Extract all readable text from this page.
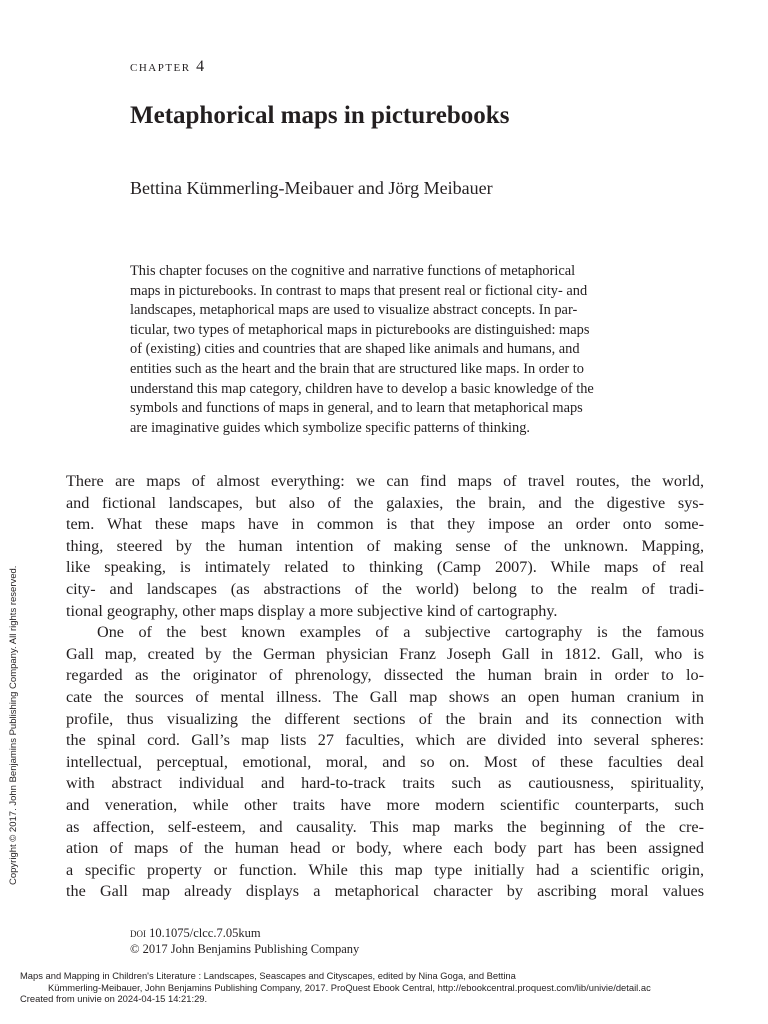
chapter 4
Metaphorical maps in picturebooks
Bettina Kümmerling-Meibauer and Jörg Meibauer
This chapter focuses on the cognitive and narrative functions of metaphorical
maps in picturebooks. In contrast to maps that present real or fictional city- and
landscapes, metaphorical maps are used to visualize abstract concepts. In par-
ticular, two types of metaphorical maps in picturebooks are distinguished: maps
of (existing) cities and countries that are shaped like animals and humans, and
entities such as the heart and the brain that are structured like maps. In order to
understand this map category, children have to develop a basic knowledge of the
symbols and functions of maps in general, and to learn that metaphorical maps
are imaginative guides which symbolize specific patterns of thinking.
There are maps of almost everything: we can find maps of travel routes, the world,
and fictional landscapes, but also of the galaxies, the brain, and the digestive sys-
tem. What these maps have in common is that they impose an order onto some-
thing, steered by the human intention of making sense of the unknown. Mapping,
like speaking, is intimately related to thinking (Camp 2007). While maps of real
city- and landscapes (as abstractions of the world) belong to the realm of tradi-
tional geography, other maps display a more subjective kind of cartography.
One of the best known examples of a subjective cartography is the famous
Gall map, created by the German physician Franz Joseph Gall in 1812. Gall, who is
regarded as the originator of phrenology, dissected the human brain in order to lo-
cate the sources of mental illness. The Gall map shows an open human cranium in
profile, thus visualizing the different sections of the brain and its connection with
the spinal cord. Gall’s map lists 27 faculties, which are divided into several spheres:
intellectual, perceptual, emotional, moral, and so on. Most of these faculties deal
with abstract individual and hard-to-track traits such as cautiousness, spirituality,
and veneration, while other traits have more modern scientific counterparts, such
as affection, self-esteem, and causality. This map marks the beginning of the cre-
ation of maps of the human head or body, where each body part has been assigned
a specific property or function. While this map type initially had a scientific origin,
the Gall map already displays a metaphorical character by ascribing moral values
Copyright © 2017. John Benjamins Publishing Company. All rights reserved.
doi 10.1075/clcc.7.05kum
© 2017 John Benjamins Publishing Company
Maps and Mapping in Children's Literature : Landscapes, Seascapes and Cityscapes, edited by Nina Goga, and Bettina
Kümmerling-Meibauer, John Benjamins Publishing Company, 2017. ProQuest Ebook Central, http://ebookcentral.proquest.com/lib/univie/detail.ac
Created from univie on 2024-04-15 14:21:29.
